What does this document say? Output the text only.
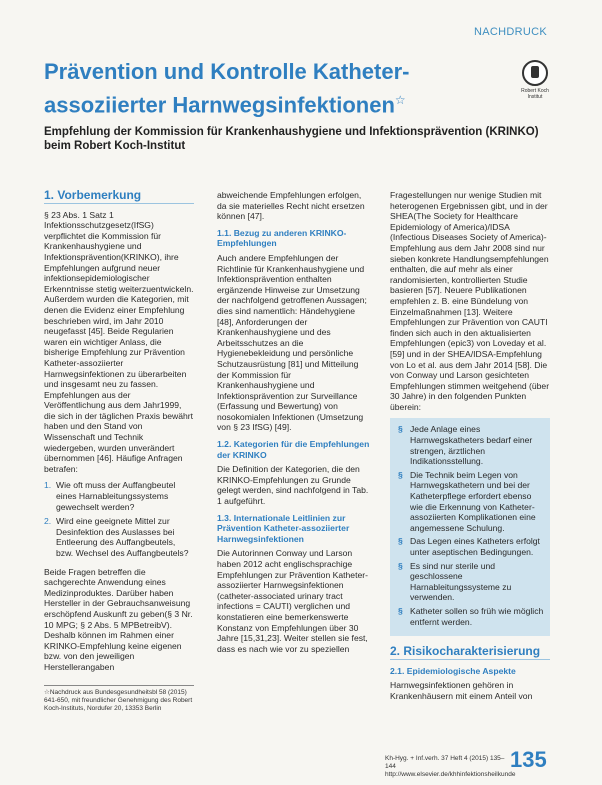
NACHDRUCK
Prävention und Kontrolle Katheter-assoziierter Harnwegsinfektionen☆
Robert Koch Institut
Empfehlung der Kommission für Krankenhaushygiene und Infektionsprävention (KRINKO) beim Robert Koch-Institut
1. Vorbemerkung
§ 23 Abs. 1 Satz 1 Infektionsschutzgesetz(IfSG) verpflichtet die Kommission für Krankenhaushygiene und Infektionsprävention(KRINKO), ihre Empfehlungen aufgrund neuer infektionsepidemiologischer Erkenntnisse stetig weiterzuentwickeln. Außerdem wurden die Kategorien, mit denen die Evidenz einer Empfehlung beschrieben wird, im Jahr 2010 neugefasst [45]. Beide Regularien waren ein wichtiger Anlass, die bisherige Empfehlung zur Prävention Katheter-assoziierter Harnwegsinfektionen zu überarbeiten und insgesamt neu zu fassen. Empfehlungen aus der Veröffentlichung aus dem Jahr1999, die sich in der täglichen Praxis bewährt haben und den Stand von Wissenschaft und Technik wiedergeben, wurden unverändert übernommen [46]. Häufige Anfragen betrafen:
1. Wie oft muss der Auffangbeutel eines Harnableitungssystems gewechselt werden?
2. Wird eine geeignete Mittel zur Desinfektion des Auslasses bei Entleerung des Auffangbeutels, bzw. Wechsel des Auffangbeutels?
Beide Fragen betreffen die sachgerechte Anwendung eines Medizinproduktes. Darüber haben Hersteller in der Gebrauchsanweisung erschöpfend Auskunft zu geben(§ 3 Nr. 10 MPG; § 2 Abs. 5 MPBetreibV). Deshalb können im Rahmen einer KRINKO-Empfehlung keine eigenen bzw. von den jeweiligen Herstellerangaben
abweichende Empfehlungen erfolgen, da sie materielles Recht nicht ersetzen können [47].
1.1. Bezug zu anderen KRINKO-Empfehlungen
Auch andere Empfehlungen der Richtlinie für Krankenhaushygiene und Infektionsprävention enthalten ergänzende Hinweise zur Umsetzung der nachfolgend getroffenen Aussagen; dies sind namentlich: Händehygiene [48], Anforderungen der Krankenhaushygiene und des Arbeitsschutzes an die Hygienebekleidung und persönliche Schutzausrüstung [81] und Mitteilung der Kommission für Krankenhaushygiene und Infektionsprävention zur Surveillance (Erfassung und Bewertung) von nosokomialen Infektionen (Umsetzung von § 23 IfSG) [49].
1.2. Kategorien für die Empfehlungen der KRINKO
Die Definition der Kategorien, die den KRINKO-Empfehlungen zu Grunde gelegt werden, sind nachfolgend in Tab. 1 aufgeführt.
1.3. Internationale Leitlinien zur Prävention Katheter-assoziierter Harnwegsinfektionen
Die Autorinnen Conway und Larson haben 2012 acht englischsprachige Empfehlungen zur Prävention Katheter-assoziierter Harnwegsinfektionen (catheter-associated urinary tract infections = CAUTI) verglichen und konstatieren eine bemerkenswerte Konstanz von Empfehlungen über 30 Jahre [15,31,23]. Weiter stellen sie fest, dass es nach wie vor zu speziellen
Fragestellungen nur wenige Studien mit heterogenen Ergebnissen gibt, und in der SHEA(The Society for Healthcare Epidemiology of America)/IDSA (Infectious Diseases Society of America)-Empfehlung aus dem Jahr 2008 sind nur sieben konkrete Handlungsempfehlungen enthalten, die auf mehr als einer randomisierten, kontrollierten Studie basieren [57]. Neuere Publikationen empfehlen z. B. eine Bündelung von Einzelmaßnahmen [13]. Weitere Empfehlungen zur Prävention von CAUTI finden sich auch in den aktualisierten Empfehlungen (epic3) von Loveday et al. [59] und in der SHEA/IDSA-Empfehlung von Lo et al. aus dem Jahr 2014 [58]. Die von Conway und Larson gesichteten Empfehlungen stimmen weitgehend (über 30 Jahre) in den folgenden Punkten überein:
§ Jede Anlage eines Harnwegskatheters bedarf einer strengen, ärztlichen Indikationsstellung.
§ Die Technik beim Legen von Harnwegskathetern und bei der Katheterpflege erfordert ebenso wie die Erkennung von Katheter-assoziierten Komplikationen eine angemessene Schulung.
§ Das Legen eines Katheters erfolgt unter aseptischen Bedingungen.
§ Es sind nur sterile und geschlossene Harnableitungssysteme zu verwenden.
§ Katheter sollen so früh wie möglich entfernt werden.
2. Risikocharakterisierung
2.1. Epidemiologische Aspekte
Harnwegsinfektionen gehören in Krankenhäusern mit einem Anteil von
☆Nachdruck aus Bundesgesundheitsbl 58 (2015) 641-650, mit freundlicher Genehmigung des Robert Koch-Instituts, Nordufer 20, 13353 Berlin
Kh-Hyg. + Inf.verh. 37 Heft 4 (2015) 135–144
http://www.elsevier.de/khhinfektionsheilkunde
135
